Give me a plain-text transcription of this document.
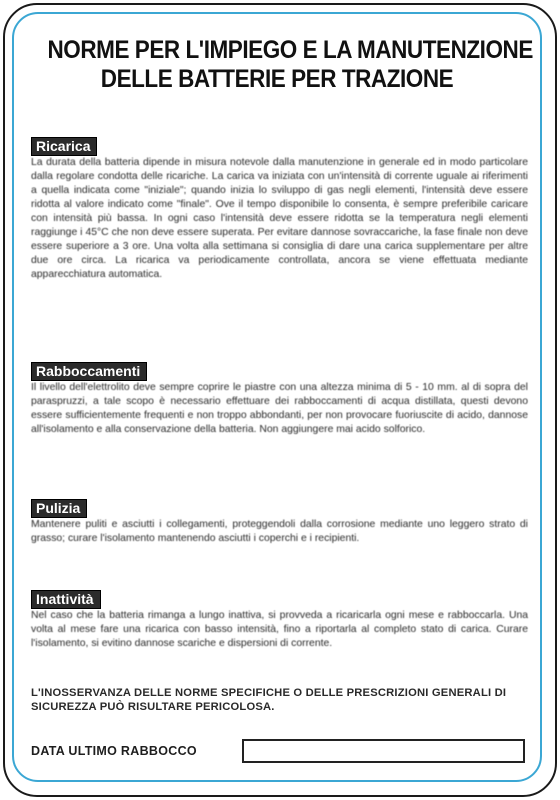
NORME PER L'IMPIEGO E LA MANUTENZIONE
DELLE BATTERIE PER TRAZIONE
Ricarica
La durata della batteria dipende in misura notevole dalla manutenzione in generale ed in modo particolare dalla regolare condotta delle ricariche. La carica va iniziata con un'intensità di corrente uguale ai riferimenti a quella indicata come "iniziale"; quando inizia lo sviluppo di gas negli elementi, l'intensità deve essere ridotta al valore indicato come "finale". Ove il tempo disponibile lo consenta, è sempre preferibile caricare con intensità più bassa. In ogni caso l'intensità deve essere ridotta se la temperatura negli elementi raggiunge i 45°C che non deve essere superata. Per evitare dannose sovraccariche, la fase finale non deve essere superiore a 3 ore. Una volta alla settimana si consiglia di dare una carica supplementare per altre due ore circa. La ricarica va periodicamente controllata, ancora se viene effettuata mediante apparecchiatura automatica.
Rabboccamenti
Il livello dell'elettrolito deve sempre coprire le piastre con una altezza minima di 5 - 10 mm. al di sopra del paraspruzzi, a tale scopo è necessario effettuare dei rabboccamenti di acqua distillata, questi devono essere sufficientemente frequenti e non troppo abbondanti, per non provocare fuoriuscite di acido, dannose all'isolamento e alla conservazione della batteria. Non aggiungere mai acido solforico.
Pulizia
Mantenere puliti e asciutti i collegamenti, proteggendoli dalla corrosione mediante uno leggero strato di grasso; curare l'isolamento mantenendo asciutti i coperchi e i recipienti.
Inattività
Nel caso che la batteria rimanga a lungo inattiva, si provveda a ricaricarla ogni mese e rabboccarla. Una volta al mese fare una ricarica con basso intensità, fino a riportarla al completo stato di carica. Curare l'isolamento, si evitino dannose scariche e dispersioni di corrente.
L'INOSSERVANZA DELLE NORME SPECIFICHE O DELLE PRESCRIZIONI GENERALI DI SICUREZZA PUÒ RISULTARE PERICOLOSA.
DATA ULTIMO RABBOCCO
